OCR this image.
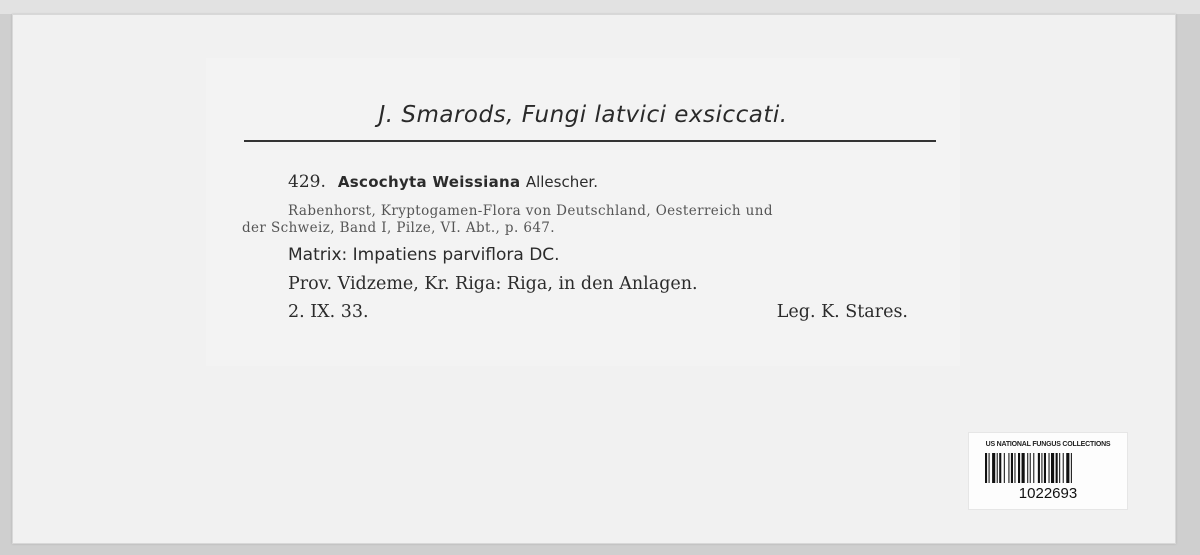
J. Smarods, Fungi latvici exsiccati.
429. Ascochyta Weissiana Allescher.
Rabenhorst, Kryptogamen-Flora von Deutschland, Oesterreich und
der Schweiz, Band I, Pilze, VI. Abt., p. 647.
Matrix: Impatiens parviflora DC.
Prov. Vidzeme, Kr. Riga: Riga, in den Anlagen.
2. IX. 33.	Leg. K. Stares.
US NATIONAL FUNGUS COLLECTIONS
1022693
